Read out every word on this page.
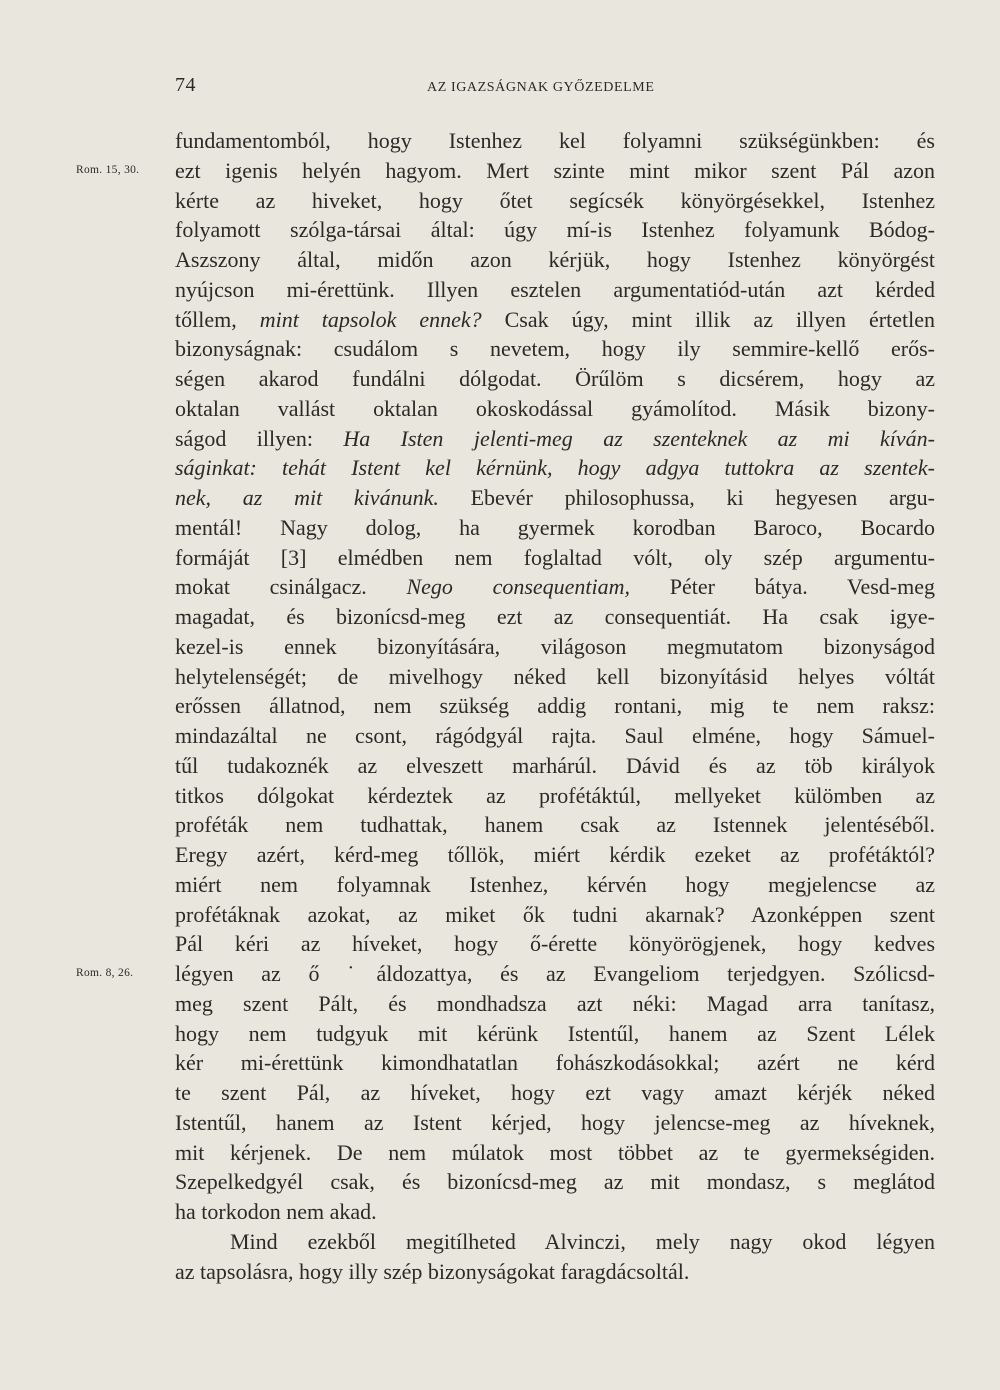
74	AZ IGAZSÁGNAK GYŐZEDELME
fundamentomból, hogy Istenhez kel folyamni szükségünkben: és
ezt igenis helyén hagyom. Mert szinte mint mikor szent Pál azon
kérte az hiveket, hogy őtet segícsék könyörgésekkel, Istenhez
folyamott szólga-társai által: úgy mí-is Istenhez folyamunk Bódog-
Aszszony által, midőn azon kérjük, hogy Istenhez könyörgést
nyújcson mi-érettünk. Illyen esztelen argumentatiód-után azt kérded
tőllem, mint tapsolok ennek? Csak úgy, mint illik az illyen értetlen
bizonyságnak: csudálom s nevetem, hogy ily semmire-kellő erős-
ségen akarod fundálni dólgodat. Örűlöm s dicsérem, hogy az
oktalan vallást oktalan okoskodással gyámolítod. Másik bizony-
ságod illyen: Ha Isten jelenti-meg az szenteknek az mi kíván-
ságinkat: tehát Istent kel kérnünk, hogy adgya tuttokra az szentek-
nek, az mit kivánunk. Ebevér philosophussa, ki hegyesen argu-
mentál! Nagy dolog, ha gyermek korodban Baroco, Bocardo
formáját [3] elmédben nem foglaltad vólt, oly szép argumentu-
mokat csinálgacz. Nego consequentiam, Péter bátya. Vesd-meg
magadat, és bizonícsd-meg ezt az consequentiát. Ha csak igye-
kezel-is ennek bizonyítására, világoson megmutatom bizonyságod
helytelenségét; de mivelhogy néked kell bizonyításid helyes vóltát
erőssen állatnod, nem szükség addig rontani, mig te nem raksz:
mindazáltal ne csont, rágódgyál rajta. Saul elméne, hogy Sámuel-
tűl tudakoznék az elveszett marhárúl. Dávid és az töb királyok
titkos dólgokat kérdeztek az profétáktúl, mellyeket külömben az
proféták nem tudhattak, hanem csak az Istennek jelentéséből.
Eregy azért, kérd-meg tőllök, miért kérdik ezeket az profétáktól?
miért nem folyamnak Istenhez, kérvén hogy megjelencse az
profétáknak azokat, az miket ők tudni akarnak? Azonképpen szent
Pál kéri az híveket, hogy ő-érette könyörögjenek, hogy kedves
légyen az ő ˙áldozattya, és az Evangeliom terjedgyen. Szólicsd-
meg szent Pált, és mondhadsza azt néki: Magad arra tanítasz,
hogy nem tudgyuk mit kérünk Istentűl, hanem az Szent Lélek
kér mi-érettünk kimondhatatlan fohászkodásokkal; azért ne kérd
te szent Pál, az híveket, hogy ezt vagy amazt kérjék néked
Istentűl, hanem az Istent kérjed, hogy jelencse-meg az híveknek,
mit kérjenek. De nem múlatok most többet az te gyermekségiden.
Szepelkedgyél csak, és bizonícsd-meg az mit mondasz, s meglátod
ha torkodon nem akad.
Mind ezekből megitílheted Alvinczi, mely nagy okod légyen
az tapsolásra, hogy illy szép bizonyságokat faragdácsoltál.
Rom. 15, 30.
Rom. 8, 26.
